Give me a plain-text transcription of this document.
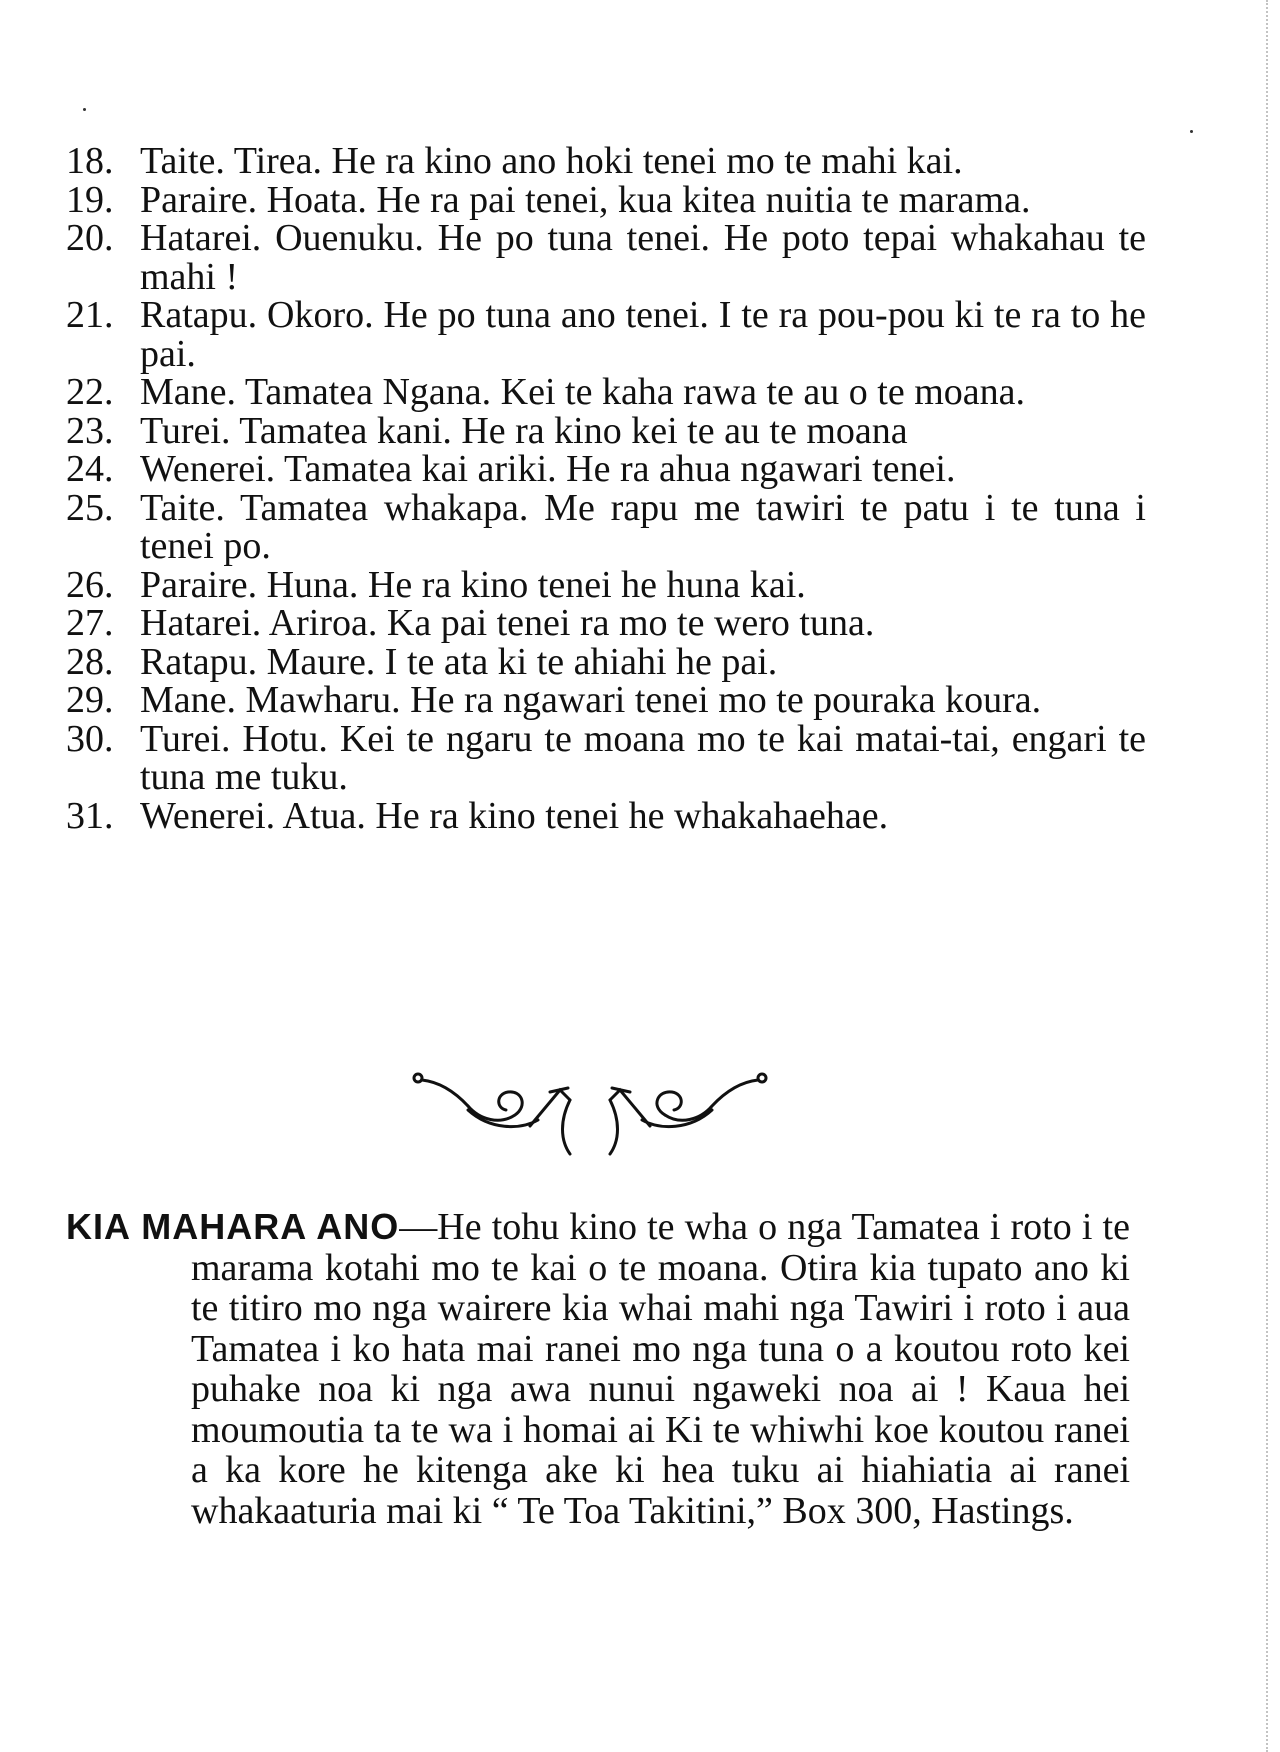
18. Taite. Tirea. He ra kino ano hoki tenei mo te mahi kai.
19. Paraire. Hoata. He ra pai tenei, kua kitea nuitia te marama.
20. Hatarei. Ouenuku. He po tuna tenei. He poto tepai whakahau te mahi !
21. Ratapu. Okoro. He po tuna ano tenei. I te ra pou-pou ki te ra to he pai.
22. Mane. Tamatea Ngana. Kei te kaha rawa te au o te moana.
23. Turei. Tamatea kani. He ra kino kei te au te moana
24. Wenerei. Tamatea kai ariki. He ra ahua ngawari tenei.
25. Taite. Tamatea whakapa. Me rapu me tawiri te patu i te tuna i tenei po.
26. Paraire. Huna. He ra kino tenei he huna kai.
27. Hatarei. Ariroa. Ka pai tenei ra mo te wero tuna.
28. Ratapu. Maure. I te ata ki te ahiahi he pai.
29. Mane. Mawharu. He ra ngawari tenei mo te pouraka koura.
30. Turei. Hotu. Kei te ngaru te moana mo te kai matai-tai, engari te tuna me tuku.
31. Wenerei. Atua. He ra kino tenei he whakahaehae.
KIA MAHARA ANO—He tohu kino te wha o nga Tamatea i roto i te marama kotahi mo te kai o te moana. Otira kia tupato ano ki te titiro mo nga wairere kia whai mahi nga Tawiri i roto i aua Tamatea i ko hata mai ranei mo nga tuna o a koutou roto kei puhake noa ki nga awa nunui ngaweki noa ai ! Kaua hei moumoutia ta te wa i homai ai Ki te whiwhi koe koutou ranei a ka kore he kitenga ake ki hea tuku ai hiahiatia ai ranei whakaaturia mai ki “ Te Toa Takitini,” Box 300, Hastings.
